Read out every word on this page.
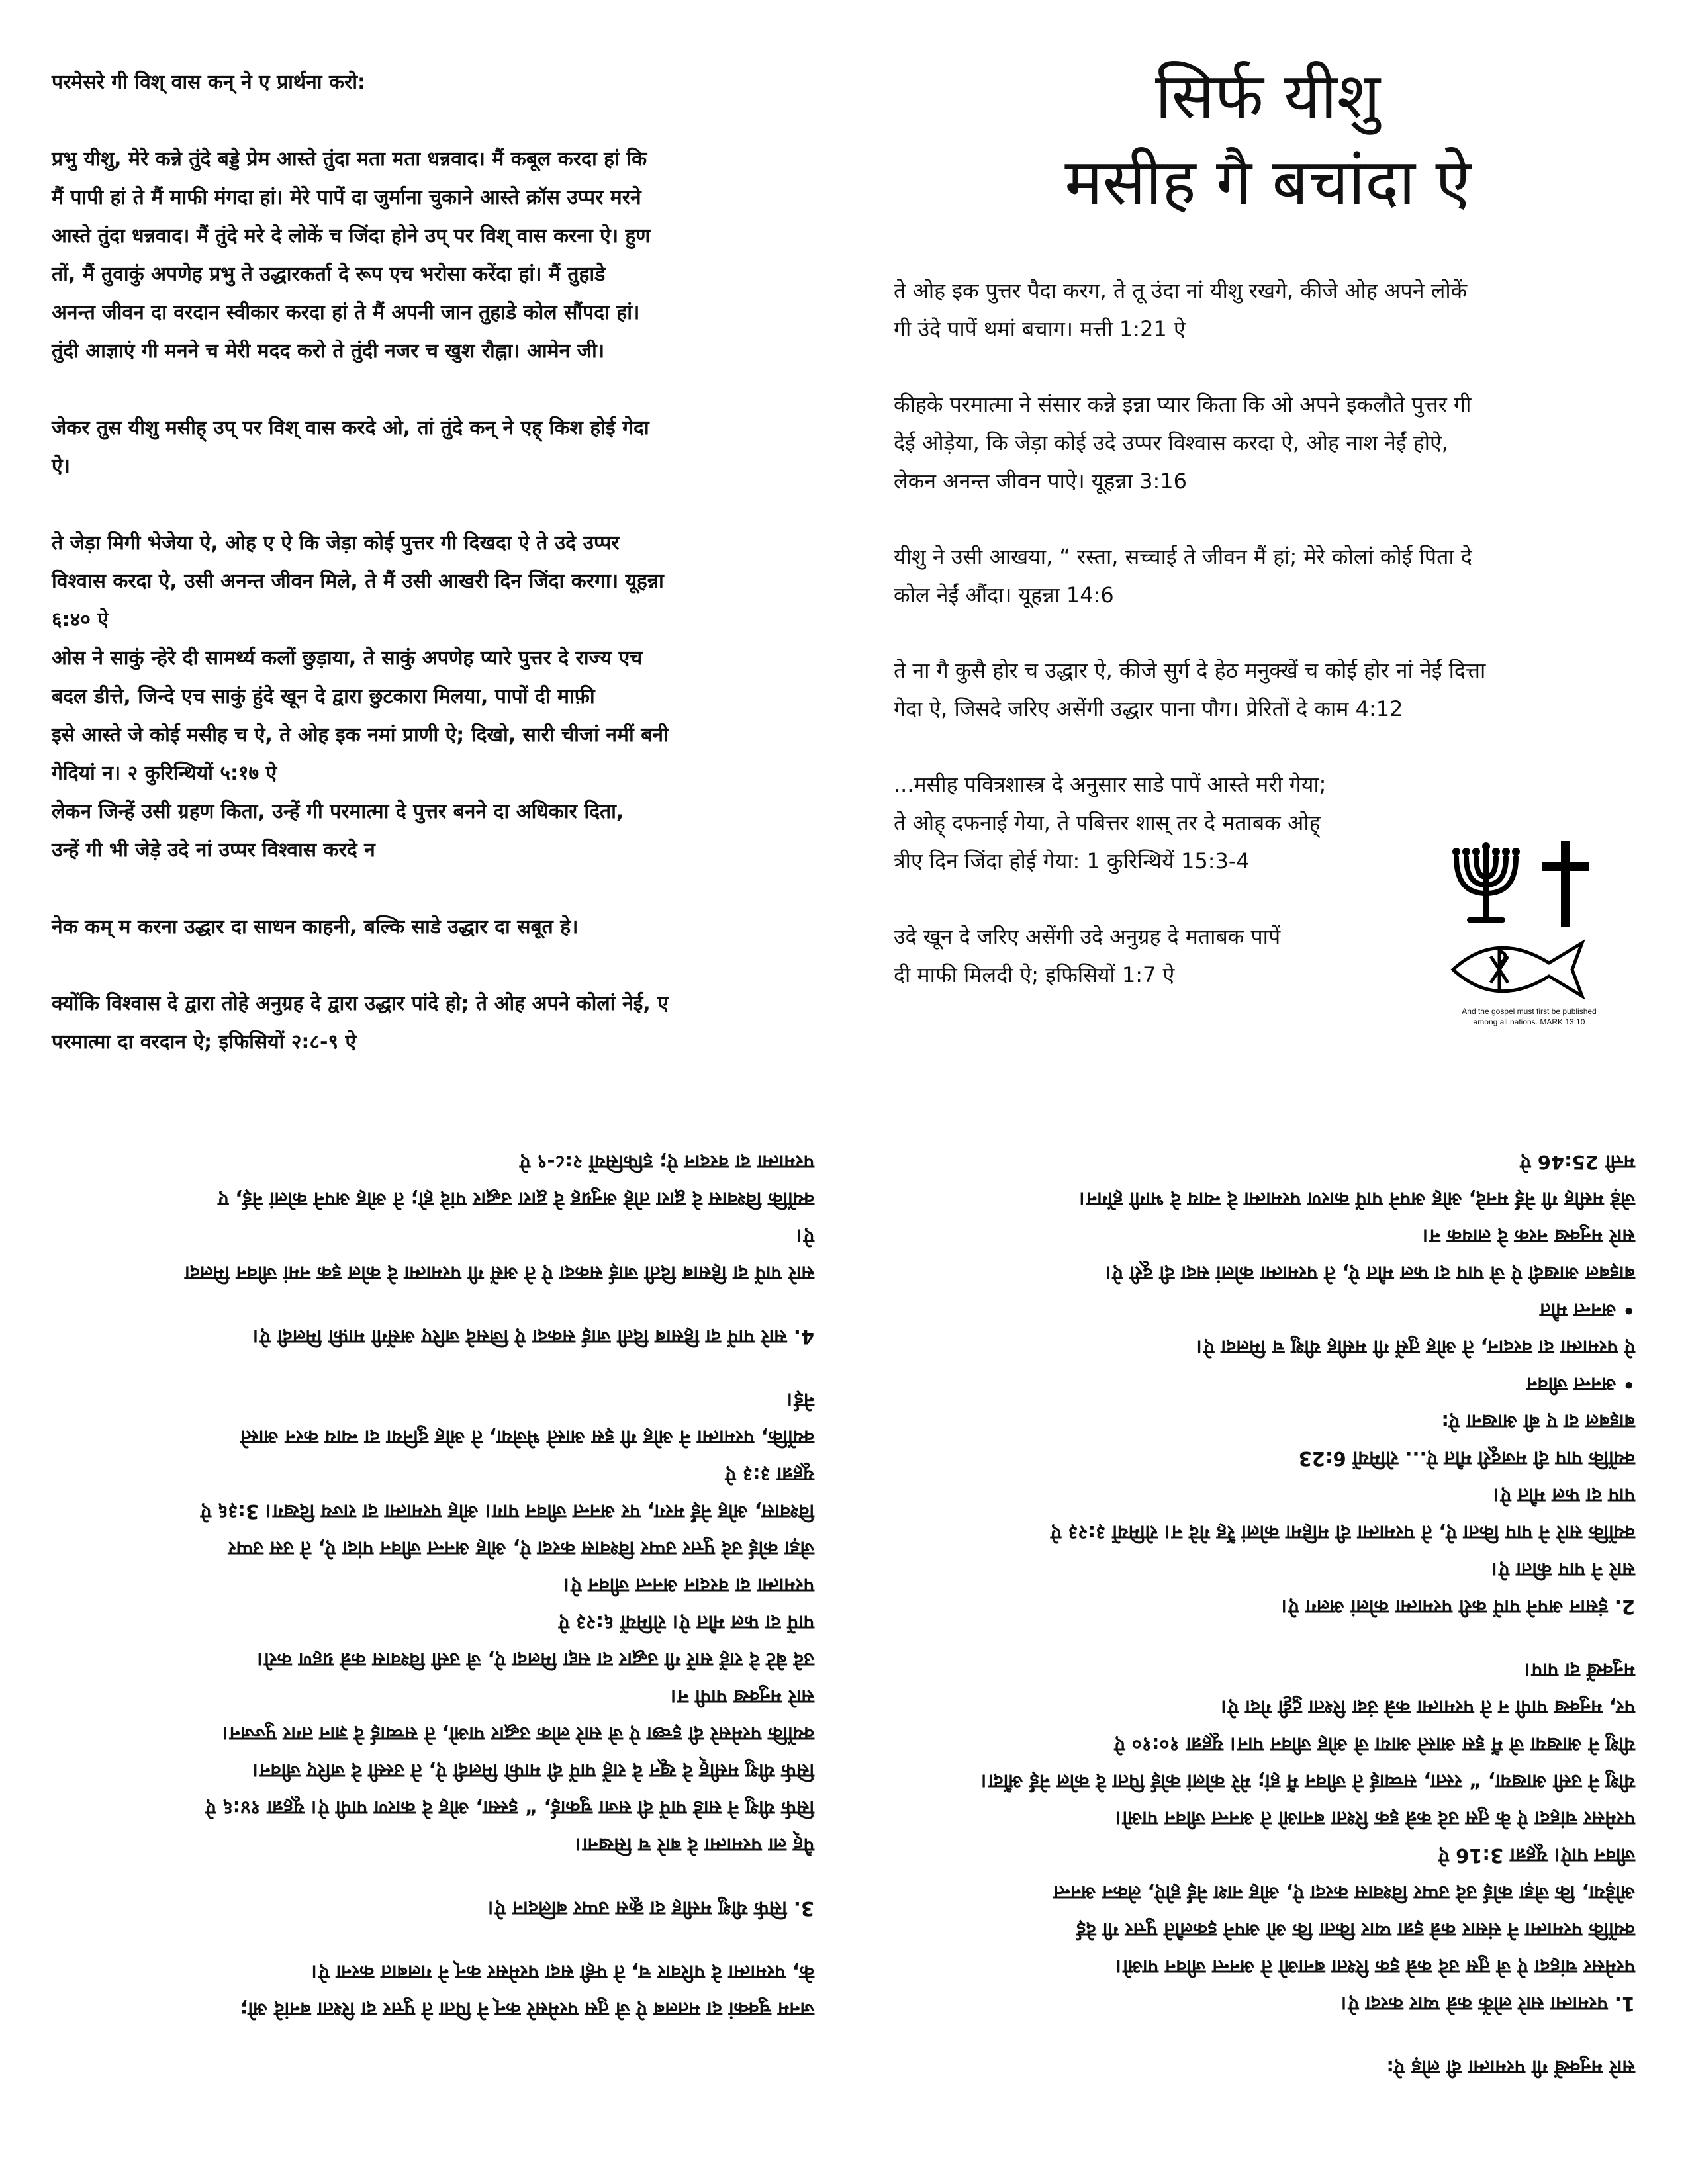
परमेसरे गी विश् वास कन् ने ए प्रार्थना करो:

प्रभु यीशु, मेरे कन्ने तुंदे बड्डे प्रेम आस्ते तुंदा मता मता धन्नवाद। मैं कबूल करदा हां कि
मैं पापी हां ते मैं माफी मंगदा हां। मेरे पापें दा जुर्माना चुकाने आस्ते क्रॉस उप्पर मरने
आस्ते तुंदा धन्नवाद। मैं तुंदे मरे दे लोकें च जिंदा होने उप् पर विश् वास करना ऐ। हुण
तों, मैं तुवाकुं अपणेह प्रभु ते उद्धारकर्ता दे रूप एच भरोसा करेंदा हां। मैं तुहाडे
अनन्त जीवन दा वरदान स्वीकार करदा हां ते मैं अपनी जान तुहाडे कोल सौंपदा हां।
तुंदी आज्ञाएं गी मनने च मेरी मदद करो ते तुंदी नजर च खुश रौह्ना। आमेन जी।

जेकर तुस यीशु मसीह् उप् पर विश् वास करदे ओ, तां तुंदे कन् ने एह् किश होई गेदा
ऐ।

ते जेड़ा मिगी भेजेया ऐ, ओह ए ऐ कि जेड़ा कोई पुत्तर गी दिखदा ऐ ते उदे उप्पर
विश्वास करदा ऐ, उसी अनन्त जीवन मिले, ते मैं उसी आखरी दिन जिंदा करगा। यूहन्ना
६:४० ऐ
ओस ने साकुं न्हेरे दी सामर्थ्य कलों छुड़ाया, ते साकुं अपणेह प्यारे पुत्तर दे राज्य एच
बदल डीत्ते, जिन्दे एच साकुं हुंदे खून दे द्वारा छुटकारा मिलया, पापों दी माफ़ी
इसे आस्ते जे कोई मसीह च ऐ, ते ओह इक नमां प्राणी ऐ; दिखो, सारी चीजां नमीं बनी
गेदियां न। २ कुरिन्थियों ५:१७ ऐ
लेकन जिन्हें उसी ग्रहण किता, उन्हें गी परमात्मा दे पुत्तर बनने दा अधिकार दिता,
उन्हें गी भी जेड़े उदे नां उप्पर विश्वास करदे न

नेक कम् म करना उद्धार दा साधन काहनी, बल्कि साडे उद्धार दा सबूत हे।

क्योंकि विश्वास दे द्वारा तोहे अनुग्रह दे द्वारा उद्धार पांदे हो; ते ओह अपने कोलां नेई, ए
परमात्मा दा वरदान ऐ; इफिसियों २:८-९ ऐ

सिर्फ यीशु
मसीह गै बचांदा ऐ

ते ओह इक पुत्तर पैदा करग, ते तू उंदा नां यीशु रखगे, कीजे ओह अपने लोकें
गी उंदे पापें थमां बचाग। मत्ती 1:21 ऐ

कीहके परमात्मा ने संसार कन्ने इन्ना प्यार किता कि ओ अपने इकलौते पुत्तर गी
देई ओड़ेया, कि जेड़ा कोई उदे उप्पर विश्वास करदा ऐ, ओह नाश नेईं होऐ,
लेकन अनन्त जीवन पाऐ। यूहन्ना 3:16

यीशु ने उसी आखया, “ रस्ता, सच्चाई ते जीवन मैं हां; मेरे कोलां कोई पिता दे
कोल नेईं औंदा। यूहन्ना 14:6

ते ना गै कुसै होर च उद्धार ऐ, कीजे सुर्ग दे हेठ मनुक्खें च कोई होर नां नेईं दित्ता
गेदा ऐ, जिसदे जरिए असेंगी उद्धार पाना पौग। प्रेरितों दे काम 4:12

...मसीह पवित्रशास्त्र दे अनुसार साडे पापें आस्ते मरी गेया;
ते ओह् दफनाई गेया, ते पबित्तर शास् तर दे मताबक ओह्
त्रीए दिन जिंदा होई गेया: 1 कुरिन्थियें 15:3-4

उदे खून दे जरिए असेंगी उदे अनुग्रह दे मताबक पापें
दी माफी मिलदी ऐ; इफिसियों 1:7 ऐ

And the gospel must first be published
among all nations. MARK 13:10

जनम चुक्कां दा मतलब ऐ जे तुस परमेसरे कन् ने पिता ते पुत्तर दा रिश्ता बनांदे ओ;
के, परमात्मा दे परिवार च, ते फ्ही सदा परमेसर कन् ने गलबात करना ऐ।

3. सिर्फ यीशु मसीह दा क्रूस उप्पर बलिदान ऐ।

पैह् ला परमात्मा दे बारे च सिखना।
सिर्फ यीशु ने साडे पापें दी सजा चुकाई, “ इस्सा, ओह दे कारण पापी ऐ। यूहन्ना १४:६ ऐ
सिर्फ यीशु मसीह् दे खून दे राहें पापें दी माफी मिलदी ऐ, ते उस्सी दे जरिए जीवन।
क्योंकि परमेसरे दी इच्छा ऐ जे सारे लोक उद्धार पाओ, ते सच्चाई दे ज्ञान तगर पुज्जन।
सारे मनुक्ख पापी न।
उदे बेटे दे राहें सारें गी उद्धार दा सद्दा मिलदा ऐ, जे उसी विश्वास कन्ने ग्रहण करो।
पापें दा फल मौत ऐ। रोमियों ६:२३ ऐ
परमात्मा दा वरदान अनन्त जीवन ऐ।
जेड़ा कोई उदे पुत्तर उप्पर विश्वास करदा ऐ, ओह अनन्त जीवन पांदा ऐ, ते उस उप्पर
विश्वास, ओह नेईं मरग, पर अनन्त जीवन पाग। ओह परमात्मा दा राज्य दिखग। 3:३६ ऐ
यूहन्ना ३:३ ऐ
क्योंकि, परमात्मा ने ओह गी इस आस्ते भेजेया, ते ओह दुनिया दा न्याय करन आस्ते
नेई।

4. सारे पापें दा हिसाब दिती जाई सकदा ऐ जिसदे जरिए असेंगी माफ़ी मिलदी ऐ।

सारे पापें दा हिसाब दिती जाई सकदा ऐ ते असें गी परमात्मा दे कोल इक नमां जीवन मिलदा
ऐ।
क्योंकि विश्वास दे द्वारा तोहे अनुग्रह दे द्वारा उद्धार पांदे हो; ते ओह अपने कोलां नेई, ए
परमात्मा दा वरदान ऐ; इफिसियों २:८-९ ऐ

सारे मनुक्खें गी परमात्मा दी लोड़ ऐ:

1. परमात्मा सारे लोकें कन्ने प्यार करदा ऐ।
परमेसर चांहदा ऐ जे तुस उदे कन्ने इक रिश्ता बनाओ ते अनन्त जीवन पाओ।
क्योंकि परमात्मा ने संसार कन्ने इन्ना प्यार किता कि ओ अपने इकलौते पुत्तर गी देई
ओड़ेया, कि जेड़ा कोई उदे उप्पर विश्वास करदा ऐ, ओह नाश नेईं होऐ, लेकन अनन्त
जीवन पाऐ। यूहन्ना 3:16 ऐ
परमेसर चांहदा ऐ के तुस उदे कन्ने इक रिश्ता बनाओ ते अनन्त जीवन पाओ।
यीशु ने उसी आखया, “ रस्ता, सच्चाई ते जीवन मैं हां; मेरे कोलां कोई पिता दे कोल नेईं औंदा।
यीशु ने आखया जे मैं इस आस्ते आया जे ओह जीवन पान। यूहन्ना १०:१० ऐ
पर, मनुक्ख पापी न ते परमात्मा कन्ने उंदा रिश्ता टुट्टी गेदा ऐ।
मनुक्खें दा पाप।

2. इंसान अपने पापें करी परमात्मा कोलां अलग ऐ।
सारे ने पाप कीता ऐ।
क्योंकि सारे ने पाप किता ऐ, ते परमात्मा दी महिमा कोलां रैंह गेदे न। रोमियों ३:२३ ऐ
पाप दा फल मौत ऐ।
क्योंकि पाप दी मजदूरी मौत ऐ... रोमियों 6:23
बाइबल दा ए बी आखना ऐ:
• अनन्त जीवन
ऐ परमात्मा दा वरदान, ते ओह तुसें गी मसीह यीशु च मिलदा ऐ।
• अनन्त मौत
बाइबल आखदी ऐ जे पाप दा फल मौत ऐ, ते परमात्मा कोलां सदा दी दूरी ऐ।
सारे मनुक्ख नरक दे लायक न।
जेड़े मसीह गी नेईं मनदे, ओह अपने पापें कारण परमात्मा दे न्याय दे भागी होंगन।
मत्ती 25:46 ऐ
